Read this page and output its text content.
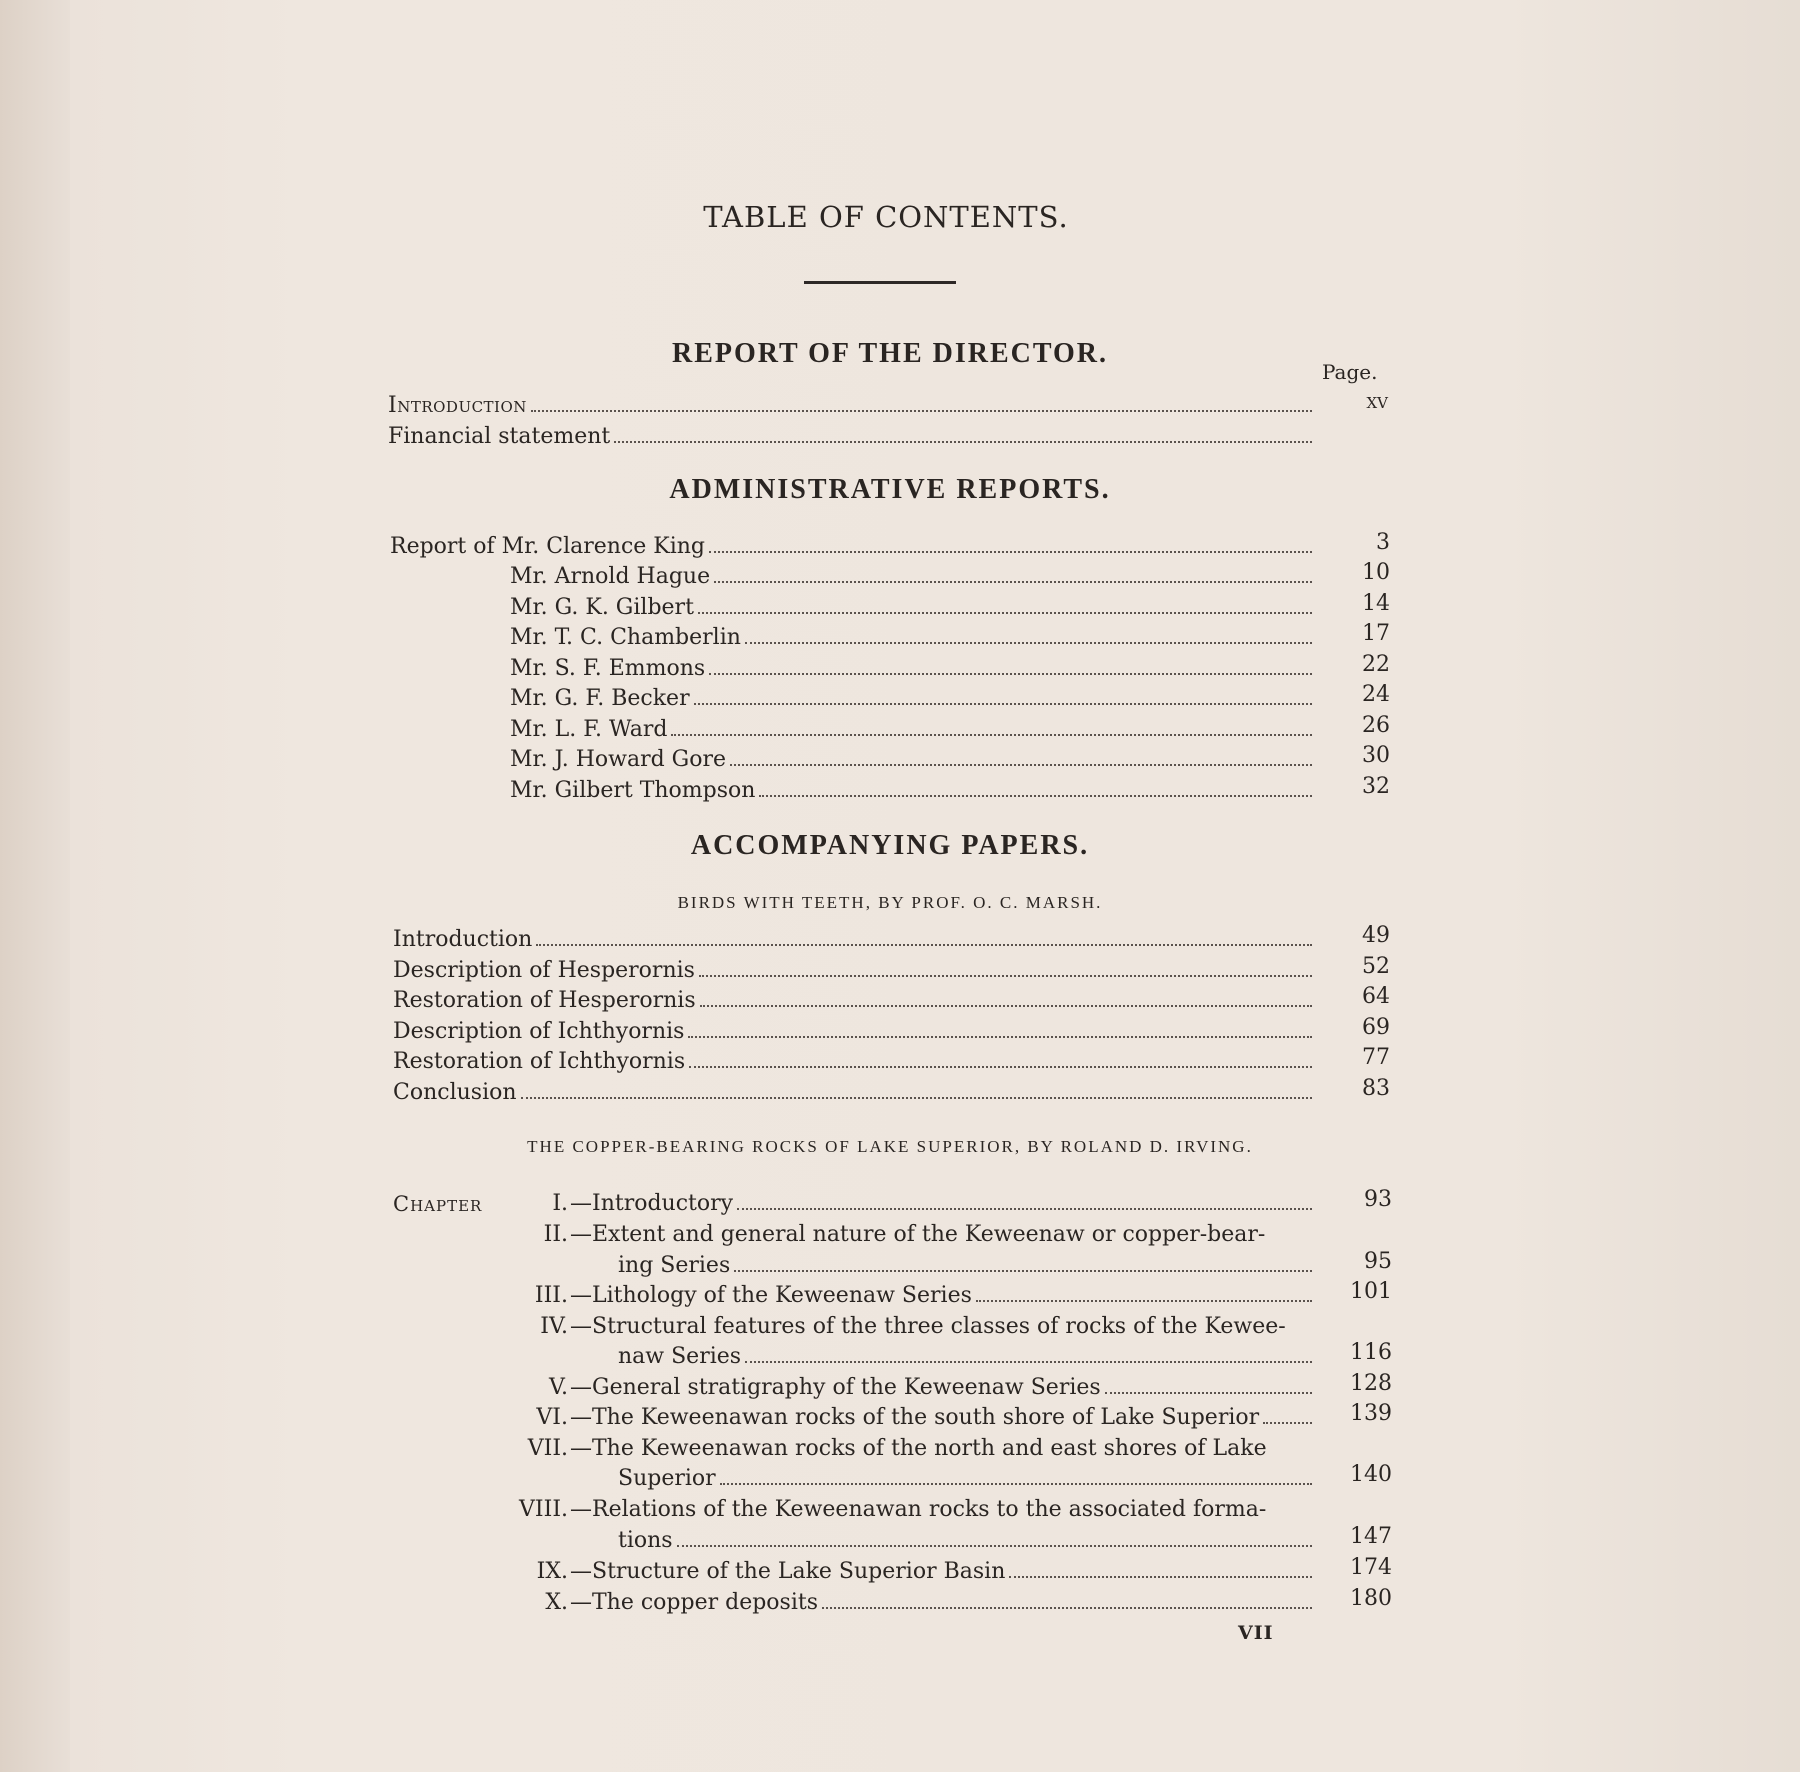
TABLE OF CONTENTS.
REPORT OF THE DIRECTOR.
Page.
Introduction	xv
Financial statement
ADMINISTRATIVE REPORTS.
Report of Mr. Clarence King	3
Mr. Arnold Hague	10
Mr. G. K. Gilbert	14
Mr. T. C. Chamberlin	17
Mr. S. F. Emmons	22
Mr. G. F. Becker	24
Mr. L. F. Ward	26
Mr. J. Howard Gore	30
Mr. Gilbert Thompson	32
ACCOMPANYING PAPERS.
BIRDS WITH TEETH, BY PROF. O. C. MARSH.
Introduction	49
Description of Hesperornis	52
Restoration of Hesperornis	64
Description of Ichthyornis	69
Restoration of Ichthyornis	77
Conclusion	83
THE COPPER-BEARING ROCKS OF LAKE SUPERIOR, BY ROLAND D. IRVING.
Chapter	I. —Introductory	93
II. —Extent and general nature of the Keweenaw or copper-bear-
ing Series	95
III. —Lithology of the Keweenaw Series	101
IV. —Structural features of the three classes of rocks of the Kewee-
naw Series	116
V. —General stratigraphy of the Keweenaw Series	128
VI. —The Keweenawan rocks of the south shore of Lake Superior	139
VII. —The Keweenawan rocks of the north and east shores of Lake
Superior	140
VIII. —Relations of the Keweenawan rocks to the associated forma-
tions	147
IX. —Structure of the Lake Superior Basin	174
X. —The copper deposits	180
VII
